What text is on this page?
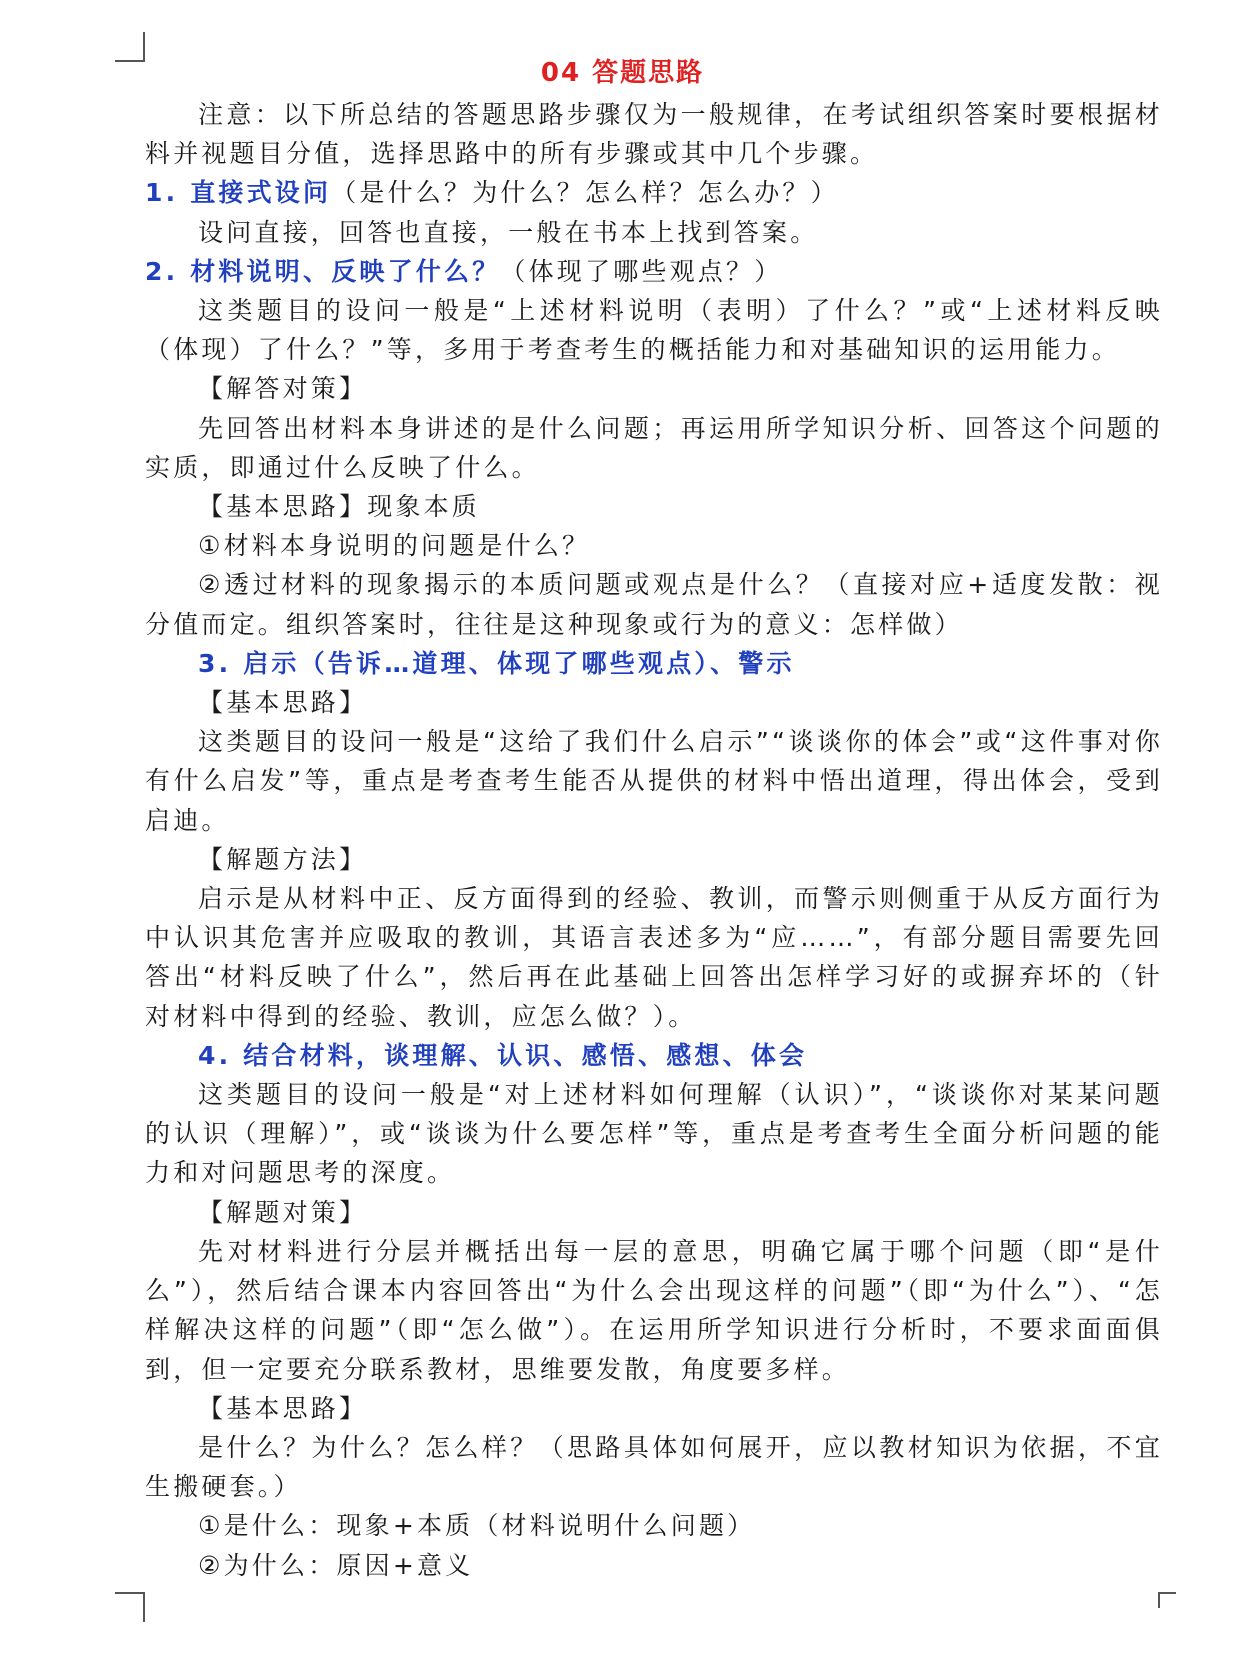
04 答题思路

注意：以下所总结的答题思路步骤仅为一般规律，在考试组织答案时要根据材料并视题目分值，选择思路中的所有步骤或其中几个步骤。

1. 直接式设问（是什么？为什么？怎么样？怎么办？）

设问直接，回答也直接，一般在书本上找到答案。

2. 材料说明、反映了什么？（体现了哪些观点？）

这类题目的设问一般是“上述材料说明（表明）了什么？”或“上述材料反映（体现）了什么？”等，多用于考查考生的概括能力和对基础知识的运用能力。

【解答对策】

先回答出材料本身讲述的是什么问题；再运用所学知识分析、回答这个问题的实质，即通过什么反映了什么。

【基本思路】现象本质

①材料本身说明的问题是什么？

②透过材料的现象揭示的本质问题或观点是什么？（直接对应+适度发散：视分值而定。组织答案时，往往是这种现象或行为的意义：怎样做）

3. 启示（告诉…道理、体现了哪些观点）、警示

【基本思路】

这类题目的设问一般是“这给了我们什么启示”“谈谈你的体会”或“这件事对你有什么启发”等，重点是考查考生能否从提供的材料中悟出道理，得出体会，受到启迪。

【解题方法】

启示是从材料中正、反方面得到的经验、教训，而警示则侧重于从反方面行为中认识其危害并应吸取的教训，其语言表述多为“应……”，有部分题目需要先回答出“材料反映了什么”，然后再在此基础上回答出怎样学习好的或摒弃坏的（针对材料中得到的经验、教训，应怎么做？）。

4. 结合材料，谈理解、认识、感悟、感想、体会

这类题目的设问一般是“对上述材料如何理解（认识）”，“谈谈你对某某问题的认识（理解）”，或“谈谈为什么要怎样”等，重点是考查考生全面分析问题的能力和对问题思考的深度。

【解题对策】

先对材料进行分层并概括出每一层的意思，明确它属于哪个问题（即“是什么”），然后结合课本内容回答出“为什么会出现这样的问题”（即“为什么”）、“怎样解决这样的问题”（即“怎么做”）。在运用所学知识进行分析时，不要求面面俱到，但一定要充分联系教材，思维要发散，角度要多样。

【基本思路】

是什么？为什么？怎么样？（思路具体如何展开，应以教材知识为依据，不宜生搬硬套。）

①是什么：现象+本质（材料说明什么问题）

②为什么：原因+意义
